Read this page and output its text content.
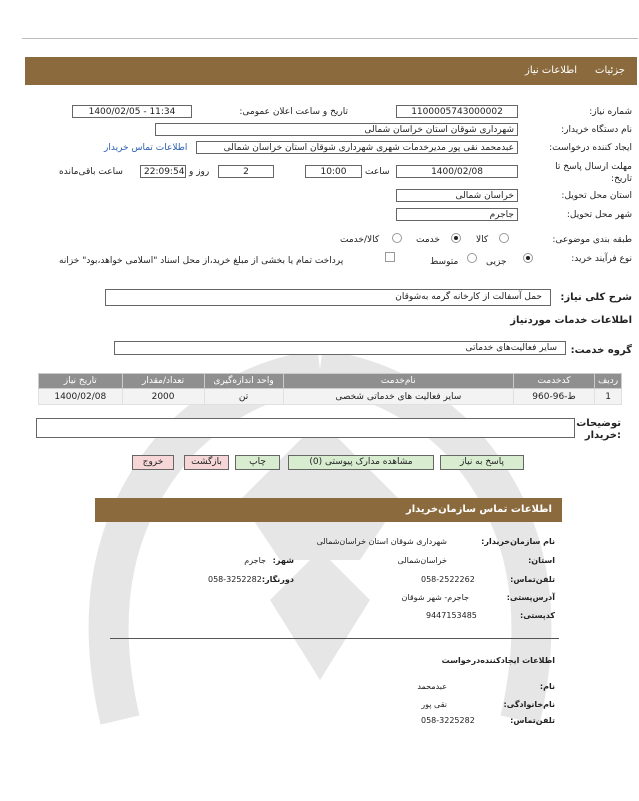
جزئیات
اطلاعات نیاز
شماره نیاز:
1100005743000002
تاریخ و ساعت اعلان عمومی:
1400/02/05 - 11:34
نام دستگاه خریدار:
شهرداری شوقان استان خراسان شمالی
ایجاد کننده درخواست:
عبدمحمد نقی پور مدیرخدمات شهری شهرداری شوقان استان خراسان شمالی
اطلاعات تماس خریدار
مهلت ارسال پاسخ تا
تاریخ:
1400/02/08
ساعت
10:00
2
روز و
22:09:54
ساعت باقی‌مانده
استان محل تحویل:
خراسان شمالی
شهر محل تحویل:
جاجرم
طبقه بندی موضوعی:
کالا
خدمت
کالا/خدمت
نوع فرآیند خرید:
جزیی
متوسط
پرداخت تمام یا بخشی از مبلغ خرید،از محل اسناد "اسلامی خواهد،بود" خزانه
شرح کلی نیاز:
حمل آسفالت از کارخانه گرمه به‌شوقان
اطلاعات خدمات موردنیاز
گروه خدمت:
سایر فعالیت‌های خدماتی
ردیف	کدخدمت	نام‌خدمت	واحد اندازه‌گیری	تعداد/مقدار	تاریخ نیاز
1	ط-96-960	سایر فعالیت های خدماتی شخصی	تن	2000	1400/02/08
توضیحات
:خریدار
پاسخ به نیاز
مشاهده مدارک پیوستی (0)
چاپ
بازگشت
خروج
اطلاعات تماس سازمان‌خریدار
نام سازمان‌خریدار:
شهرداری شوقان استان خراسان‌شمالی
استان:
خراسان‌شمالی
شهر:
جاجرم
تلفن‌تماس:
058-2522262
دورنگار:
058-3252282
آدرس‌پستی:
جاجرم- شهر شوقان
کدپستی:
9447153485
اطلاعات ایجادکننده‌درخواست
نام:
عبدمحمد
نام‌خانوادگی:
نقی پور
تلفن‌تماس:
058-3225282
